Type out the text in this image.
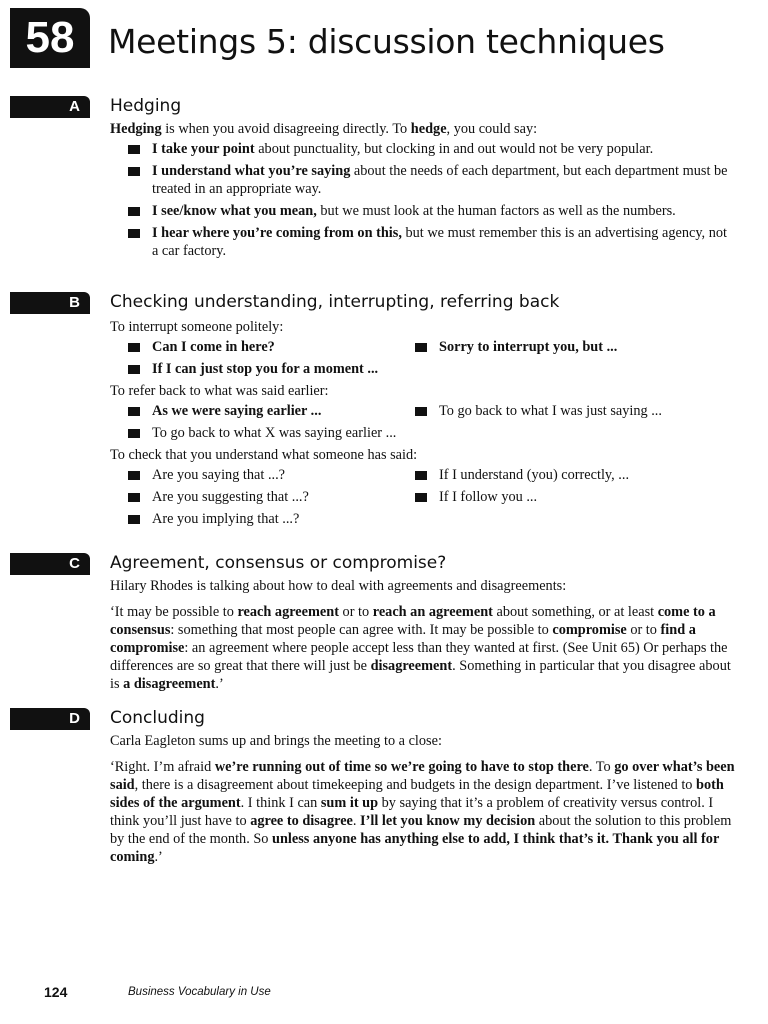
58	Meetings 5: discussion techniques
A	Hedging

Hedging is when you avoid disagreeing directly. To hedge, you could say:

I take your point about punctuality, but clocking in and out would not be very popular.
I understand what you’re saying about the needs of each department, but each department must be treated in an appropriate way.
I see/know what you mean, but we must look at the human factors as well as the numbers.
I hear where you’re coming from on this, but we must remember this is an advertising agency, not a car factory.
B	Checking understanding, interrupting, referring back

To interrupt someone politely:

Can I come in here?	Sorry to interrupt you, but ...
If I can just stop you for a moment ...

To refer back to what was said earlier:

As we were saying earlier ...	To go back to what I was just saying ...
To go back to what X was saying earlier ...

To check that you understand what someone has said:

Are you saying that ...?	If I understand (you) correctly, ...
Are you suggesting that ...?	If I follow you ...
Are you implying that ...?
C	Agreement, consensus or compromise?

Hilary Rhodes is talking about how to deal with agreements and disagreements:

‘It may be possible to reach agreement or to reach an agreement about something, or at least come to a consensus: something that most people can agree with. It may be possible to compromise or to find a compromise: an agreement where people accept less than they wanted at first. (See Unit 65) Or perhaps the differences are so great that there will just be disagreement. Something in particular that you disagree about is a disagreement.’

D	Concluding

Carla Eagleton sums up and brings the meeting to a close:

‘Right. I’m afraid we’re running out of time so we’re going to have to stop there. To go over what’s been said, there is a disagreement about timekeeping and budgets in the design department. I’ve listened to both sides of the argument. I think I can sum it up by saying that it’s a problem of creativity versus control. I think you’ll just have to agree to disagree. I’ll let you know my decision about the solution to this problem by the end of the month. So unless anyone has anything else to add, I think that’s it. Thank you all for coming.’

124	Business Vocabulary in Use
